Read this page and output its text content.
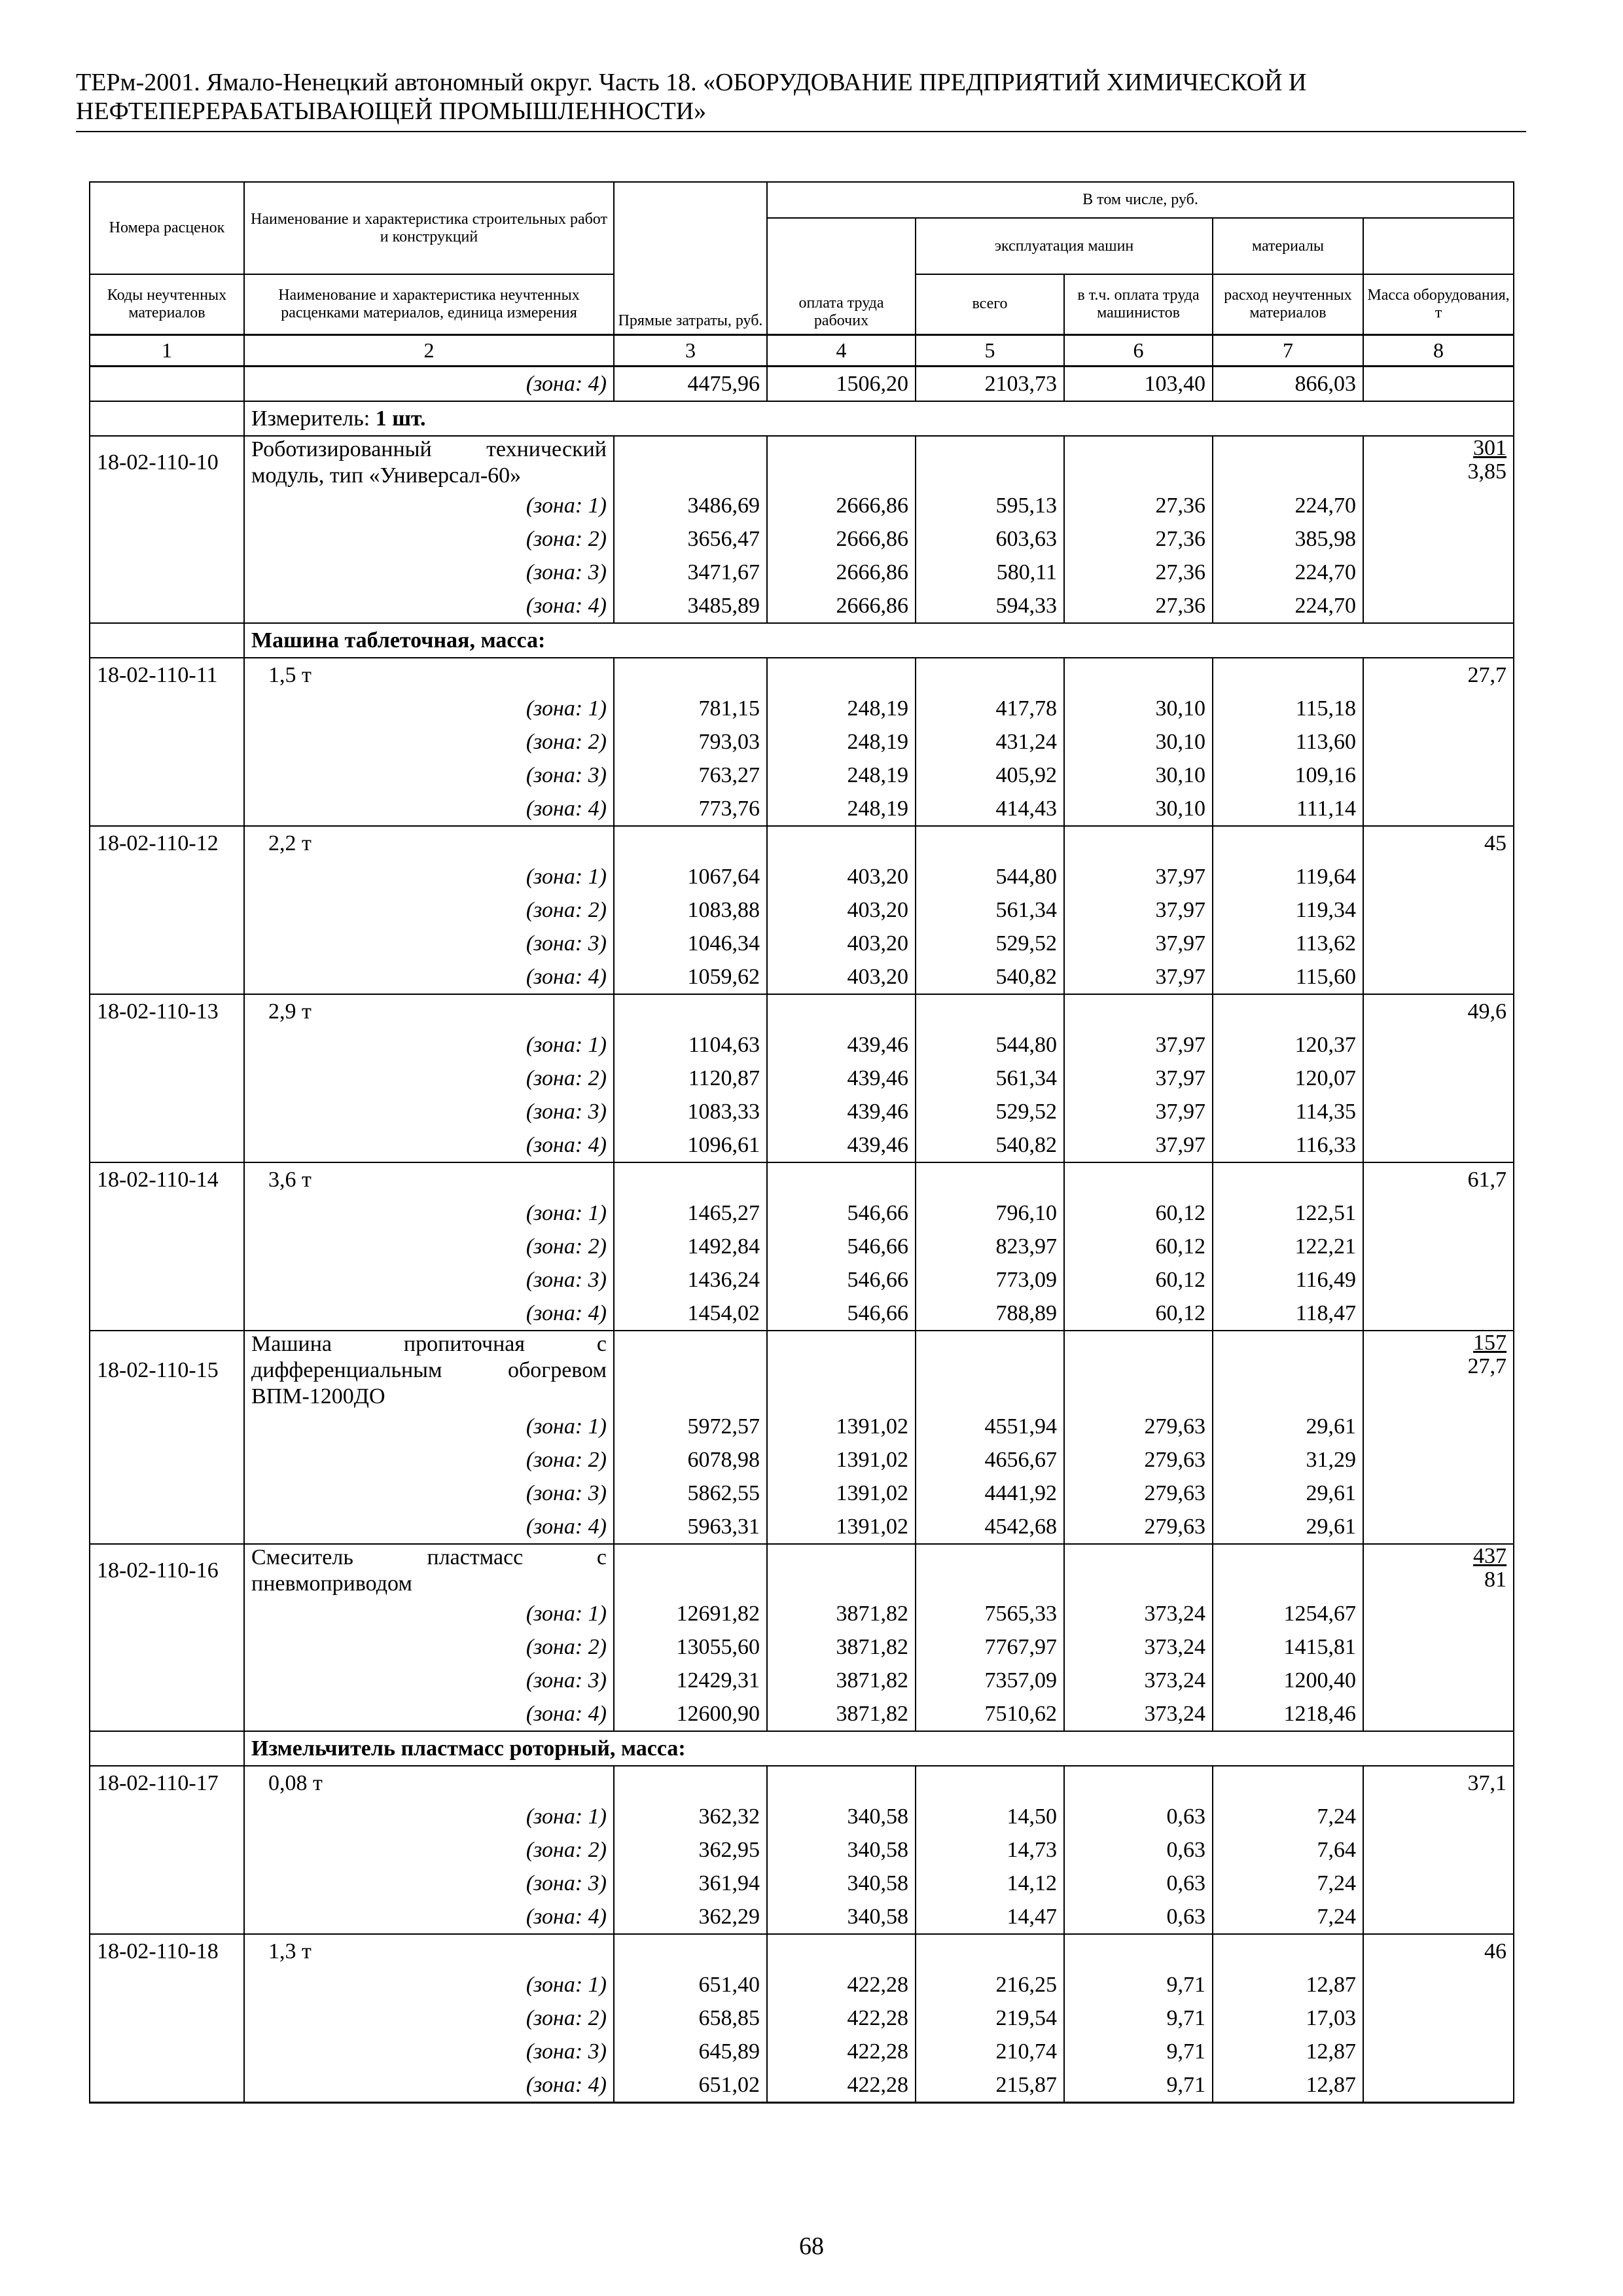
ТЕРм-2001. Ямало-Ненецкий автономный округ. Часть 18. «ОБОРУДОВАНИЕ ПРЕДПРИЯТИЙ ХИМИЧЕСКОЙ И
НЕФТЕПЕРЕРАБАТЫВАЮЩЕЙ ПРОМЫШЛЕННОСТИ»
Номера расценок	Наименование и характеристика строительных работ и конструкций	Прямые затраты, руб.	В том числе, руб.	
			оплата труда рабочих	эксплуатация машин		материалы		
Коды неучтенных материалов	Наименование и характеристика неучтенных расценками материалов, единица измерения			всего	в т.ч. оплата труда машинистов	расход неучтенных материалов	Масса оборудования, т	
1	2	3	4	5	6	7	8	
	(зона: 4)	4475,96	1506,20	2103,73	103,40	866,03		
	Измеритель: 1 шт.							
18-02-110-10	Роботизированный технический модуль, тип «Универсал-60»						301
3,85	

	(зона: 1)	3486,69	2666,86	595,13	27,36	224,70		
	(зона: 2)	3656,47	2666,86	603,63	27,36	385,98		
	(зона: 3)	3471,67	2666,86	580,11	27,36	224,70		
	(зона: 4)	3485,89	2666,86	594,33	27,36	224,70		
	Машина таблеточная, масса:							
18-02-110-11	1,5 т						27,7	

	(зона: 1)	781,15	248,19	417,78	30,10	115,18		
	(зона: 2)	793,03	248,19	431,24	30,10	113,60		
	(зона: 3)	763,27	248,19	405,92	30,10	109,16		
	(зона: 4)	773,76	248,19	414,43	30,10	111,14		
18-02-110-12	2,2 т						45	

	(зона: 1)	1067,64	403,20	544,80	37,97	119,64		
	(зона: 2)	1083,88	403,20	561,34	37,97	119,34		
	(зона: 3)	1046,34	403,20	529,52	37,97	113,62		
	(зона: 4)	1059,62	403,20	540,82	37,97	115,60		
18-02-110-13	2,9 т						49,6	

	(зона: 1)	1104,63	439,46	544,80	37,97	120,37		
	(зона: 2)	1120,87	439,46	561,34	37,97	120,07		
	(зона: 3)	1083,33	439,46	529,52	37,97	114,35		
	(зона: 4)	1096,61	439,46	540,82	37,97	116,33		
18-02-110-14	3,6 т						61,7	

	(зона: 1)	1465,27	546,66	796,10	60,12	122,51		
	(зона: 2)	1492,84	546,66	823,97	60,12	122,21		
	(зона: 3)	1436,24	546,66	773,09	60,12	116,49		
	(зона: 4)	1454,02	546,66	788,89	60,12	118,47		
18-02-110-15	Машина пропиточная с дифференциальным обогревом ВПМ-1200ДО						157
27,7	

	(зона: 1)	5972,57	1391,02	4551,94	279,63	29,61		
	(зона: 2)	6078,98	1391,02	4656,67	279,63	31,29		
	(зона: 3)	5862,55	1391,02	4441,92	279,63	29,61		
	(зона: 4)	5963,31	1391,02	4542,68	279,63	29,61		
18-02-110-16	Смеситель пластмасс с пневмоприводом						437
81	

	(зона: 1)	12691,82	3871,82	7565,33	373,24	1254,67		
	(зона: 2)	13055,60	3871,82	7767,97	373,24	1415,81		
	(зона: 3)	12429,31	3871,82	7357,09	373,24	1200,40		
	(зона: 4)	12600,90	3871,82	7510,62	373,24	1218,46		
	Измельчитель пластмасс роторный, масса:							
18-02-110-17	0,08 т						37,1	

	(зона: 1)	362,32	340,58	14,50	0,63	7,24		
	(зона: 2)	362,95	340,58	14,73	0,63	7,64		
	(зона: 3)	361,94	340,58	14,12	0,63	7,24		
	(зона: 4)	362,29	340,58	14,47	0,63	7,24		
18-02-110-18	1,3 т						46	

	(зона: 1)	651,40	422,28	216,25	9,71	12,87		
	(зона: 2)	658,85	422,28	219,54	9,71	17,03		
	(зона: 3)	645,89	422,28	210,74	9,71	12,87		
	(зона: 4)	651,02	422,28	215,87	9,71	12,87		
68
